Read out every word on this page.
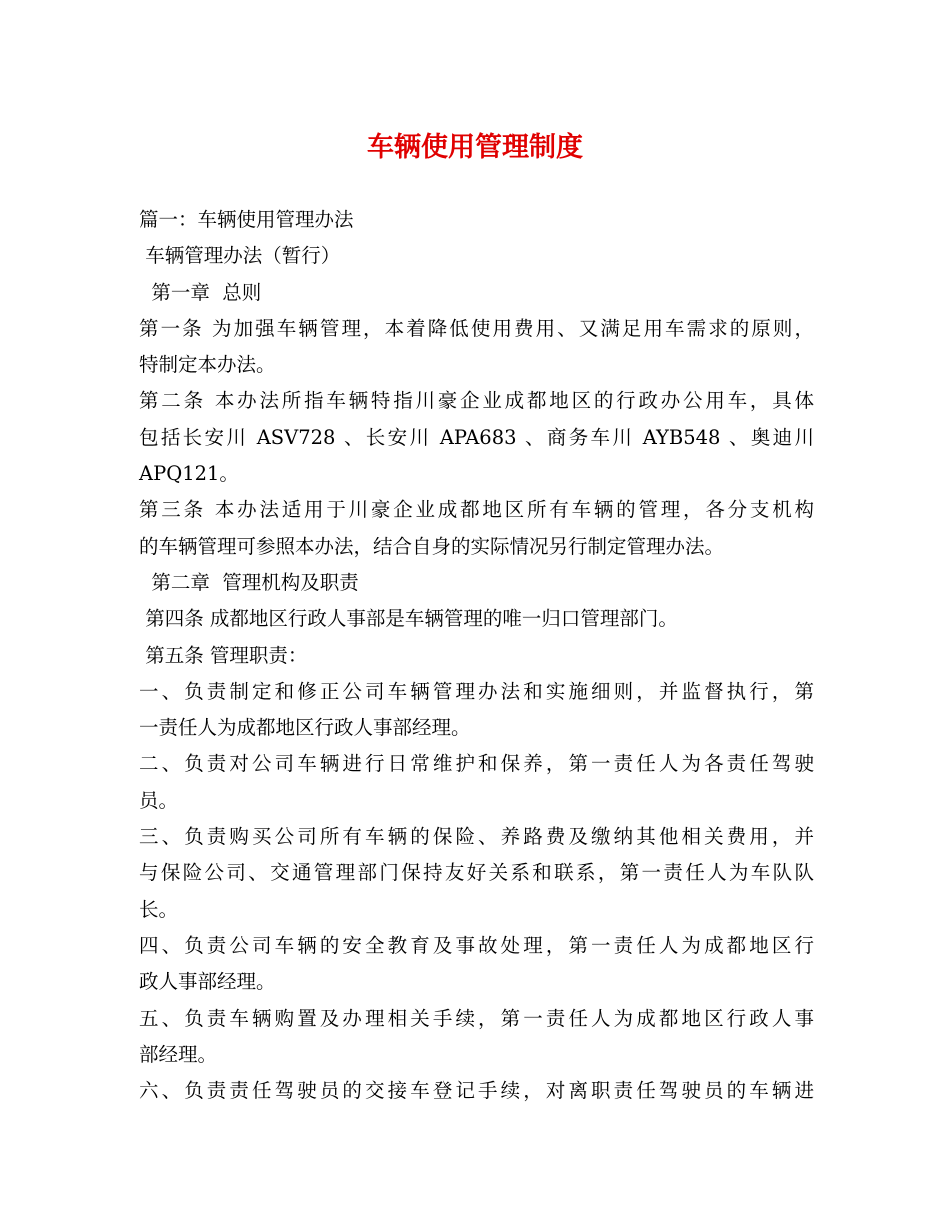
车辆使用管理制度

篇一：车辆使用管理办法

车辆管理办法（暂行）

第一章  总则

第一条 为加强车辆管理，本着降低使用费用、又满足用车需求的原则，

特制定本办法。

第二条 本办法所指车辆特指川豪企业成都地区的行政办公用车，具体

包括长安川 ASV728 、长安川 APA683 、商务车川 AYB548 、奥迪川

APQ121。

第三条 本办法适用于川豪企业成都地区所有车辆的管理，各分支机构

的车辆管理可参照本办法，结合自身的实际情况另行制定管理办法。

第二章  管理机构及职责

第四条 成都地区行政人事部是车辆管理的唯一归口管理部门。

第五条 管理职责：

一、负责制定和修正公司车辆管理办法和实施细则，并监督执行，第

一责任人为成都地区行政人事部经理。

二、负责对公司车辆进行日常维护和保养，第一责任人为各责任驾驶

员。

三、负责购买公司所有车辆的保险、养路费及缴纳其他相关费用，并

与保险公司、交通管理部门保持友好关系和联系，第一责任人为车队队

长。

四、负责公司车辆的安全教育及事故处理，第一责任人为成都地区行

政人事部经理。

五、负责车辆购置及办理相关手续，第一责任人为成都地区行政人事

部经理。

六、负责责任驾驶员的交接车登记手续，对离职责任驾驶员的车辆进
